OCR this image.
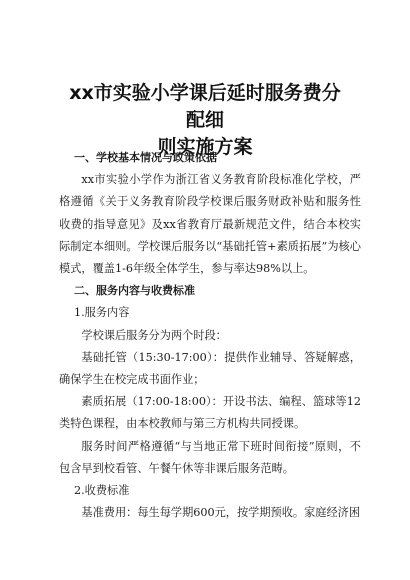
xx市实验小学课后延时服务费分配细
则实施方案

一、学校基本情况与政策依据

xx市实验小学作为浙江省义务教育阶段标准化学校，严格遵循《关于义务教育阶段学校课后服务财政补贴和服务性收费的指导意见》及xx省教育厅最新规范文件，结合本校实际制定本细则。学校课后服务以“基础托管+素质拓展”为核心模式，覆盖1-6年级全体学生，参与率达98%以上。

二、服务内容与收费标准

1.服务内容

学校课后服务分为两个时段：

基础托管（15:30-17:00）：提供作业辅导、答疑解惑，确保学生在校完成书面作业；

素质拓展（17:00-18:00）：开设书法、编程、篮球等12类特色课程，由本校教师与第三方机构共同授课。

服务时间严格遵循“与当地正常下班时间衔接”原则，不包含早到校看管、午餐午休等非课后服务范畴。

2.收费标准

基准费用：每生每学期600元，按学期预收。家庭经济困
